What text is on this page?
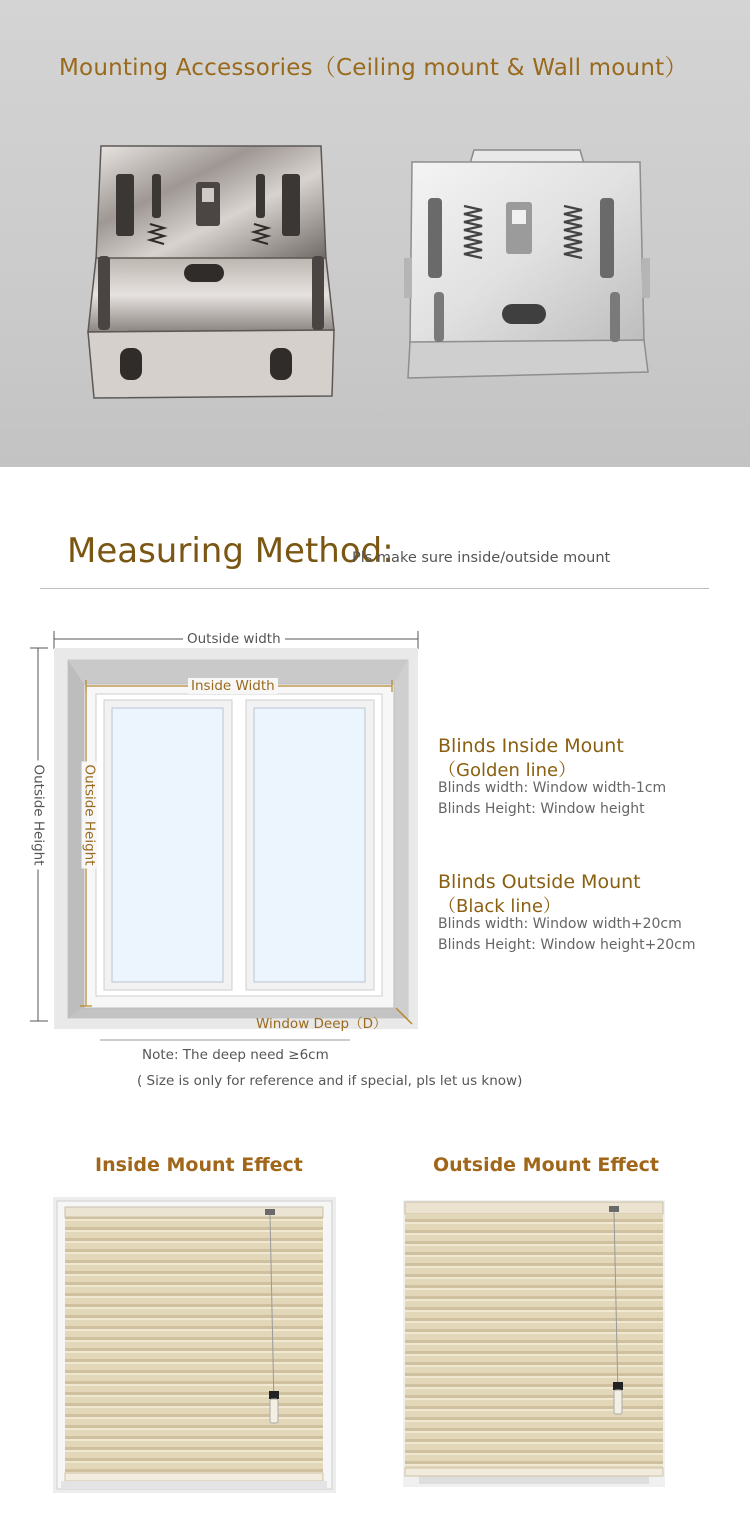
Mounting Accessories（Ceiling mount & Wall mount）
Measuring Method:
Pls make sure inside/outside mount
Outside width
Inside Width
Outside Height	Outside Height
Window Deep（D）
Blinds Inside Mount
（Golden line）
Blinds width: Window width-1cm
Blinds Height: Window height
Blinds Outside Mount
（Black line）
Blinds width: Window width+20cm
Blinds Height: Window height+20cm
Note: The deep need ≥6cm
( Size is only for reference and if special, pls let us know)
Inside Mount Effect	Outside Mount Effect
